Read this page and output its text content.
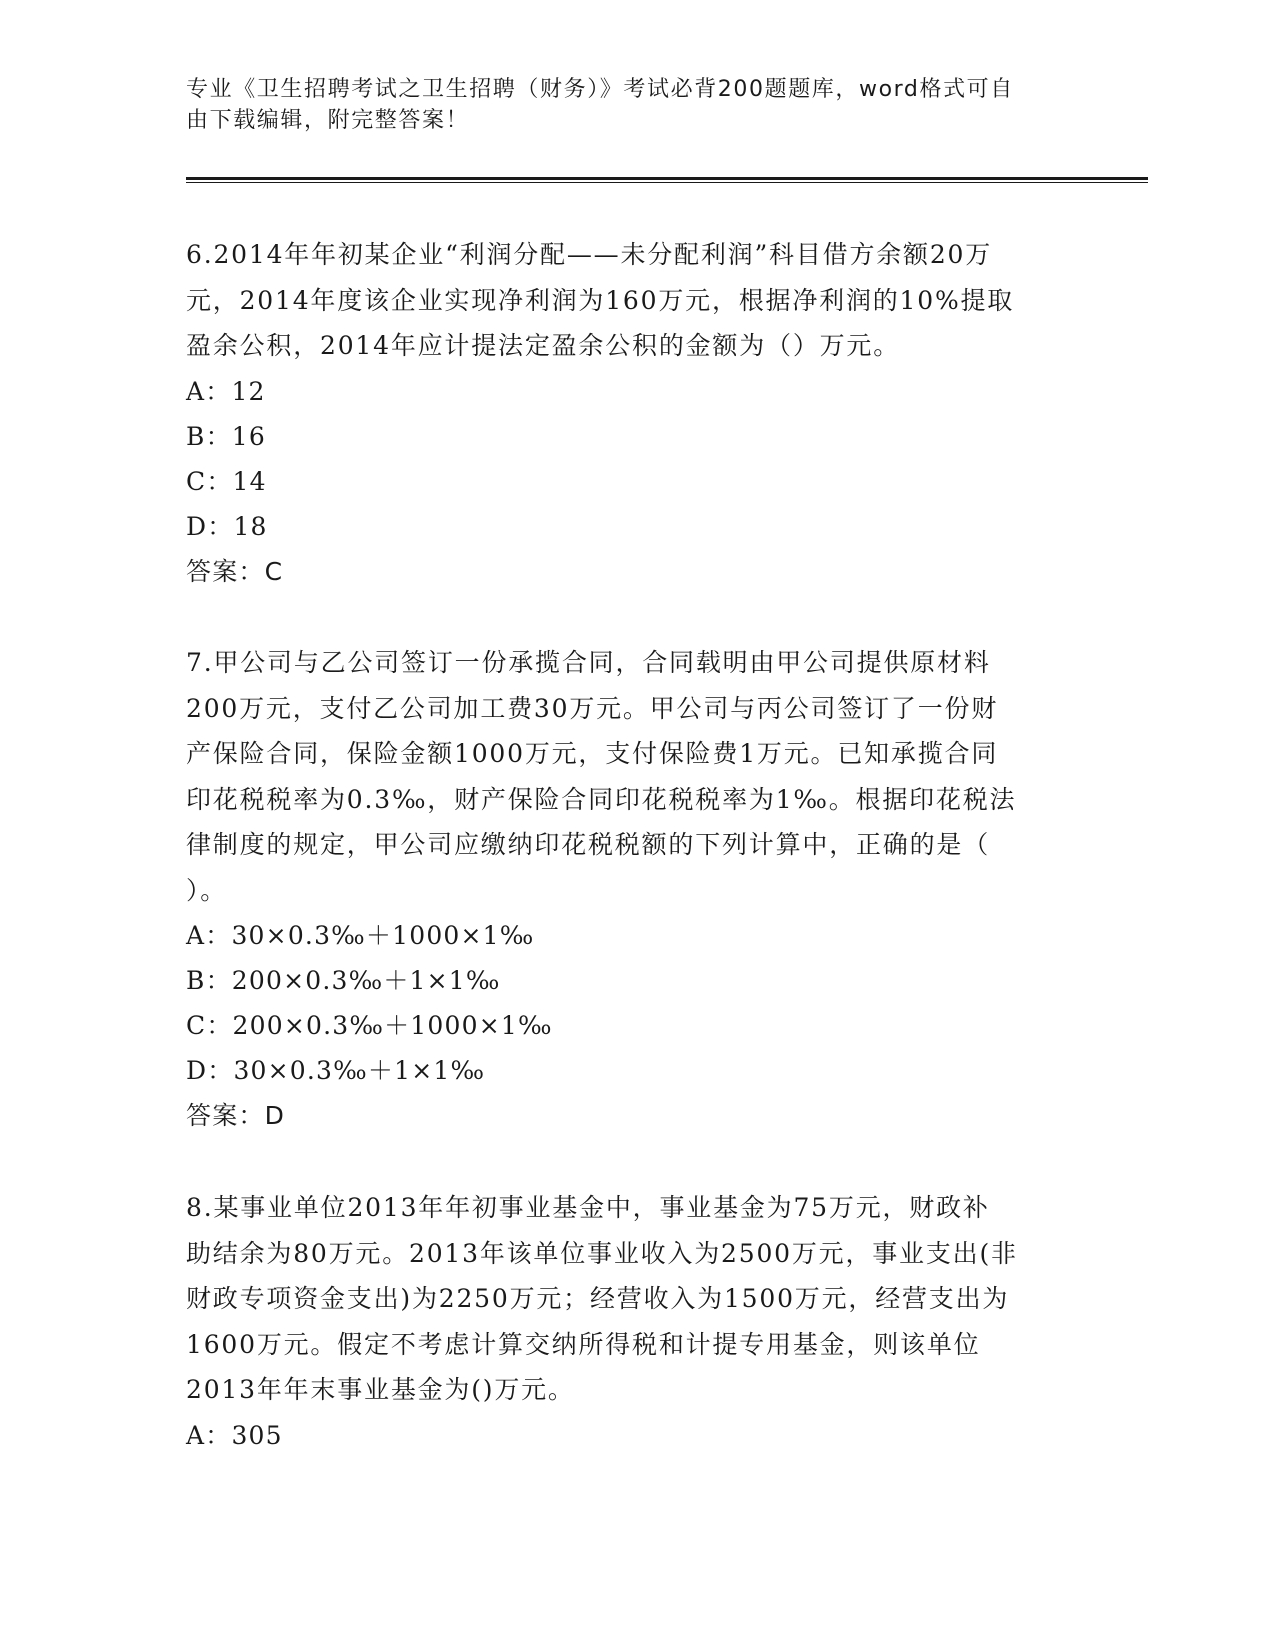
专业《卫生招聘考试之卫生招聘（财务）》考试必背200题题库，word格式可自
由下载编辑，附完整答案！

6.2014年年初某企业“利润分配——未分配利润”科目借方余额20万

元，2014年度该企业实现净利润为160万元，根据净利润的10%提取

盈余公积，2014年应计提法定盈余公积的金额为（）万元。

A：12

B：16

C：14

D：18

答案：C

7.甲公司与乙公司签订一份承揽合同，合同载明由甲公司提供原材料

200万元，支付乙公司加工费30万元。甲公司与丙公司签订了一份财

产保险合同，保险金额1000万元，支付保险费1万元。已知承揽合同

印花税税率为0.3‰，财产保险合同印花税税率为1‰。根据印花税法

律制度的规定，甲公司应缴纳印花税税额的下列计算中，正确的是（

）。

A：30×0.3‰＋1000×1‰

B：200×0.3‰＋1×1‰

C：200×0.3‰＋1000×1‰

D：30×0.3‰＋1×1‰

答案：D

8.某事业单位2013年年初事业基金中，事业基金为75万元，财政补

助结余为80万元。2013年该单位事业收入为2500万元，事业支出(非

财政专项资金支出)为2250万元；经营收入为1500万元，经营支出为

1600万元。假定不考虑计算交纳所得税和计提专用基金，则该单位

2013年年末事业基金为()万元。

A：305
